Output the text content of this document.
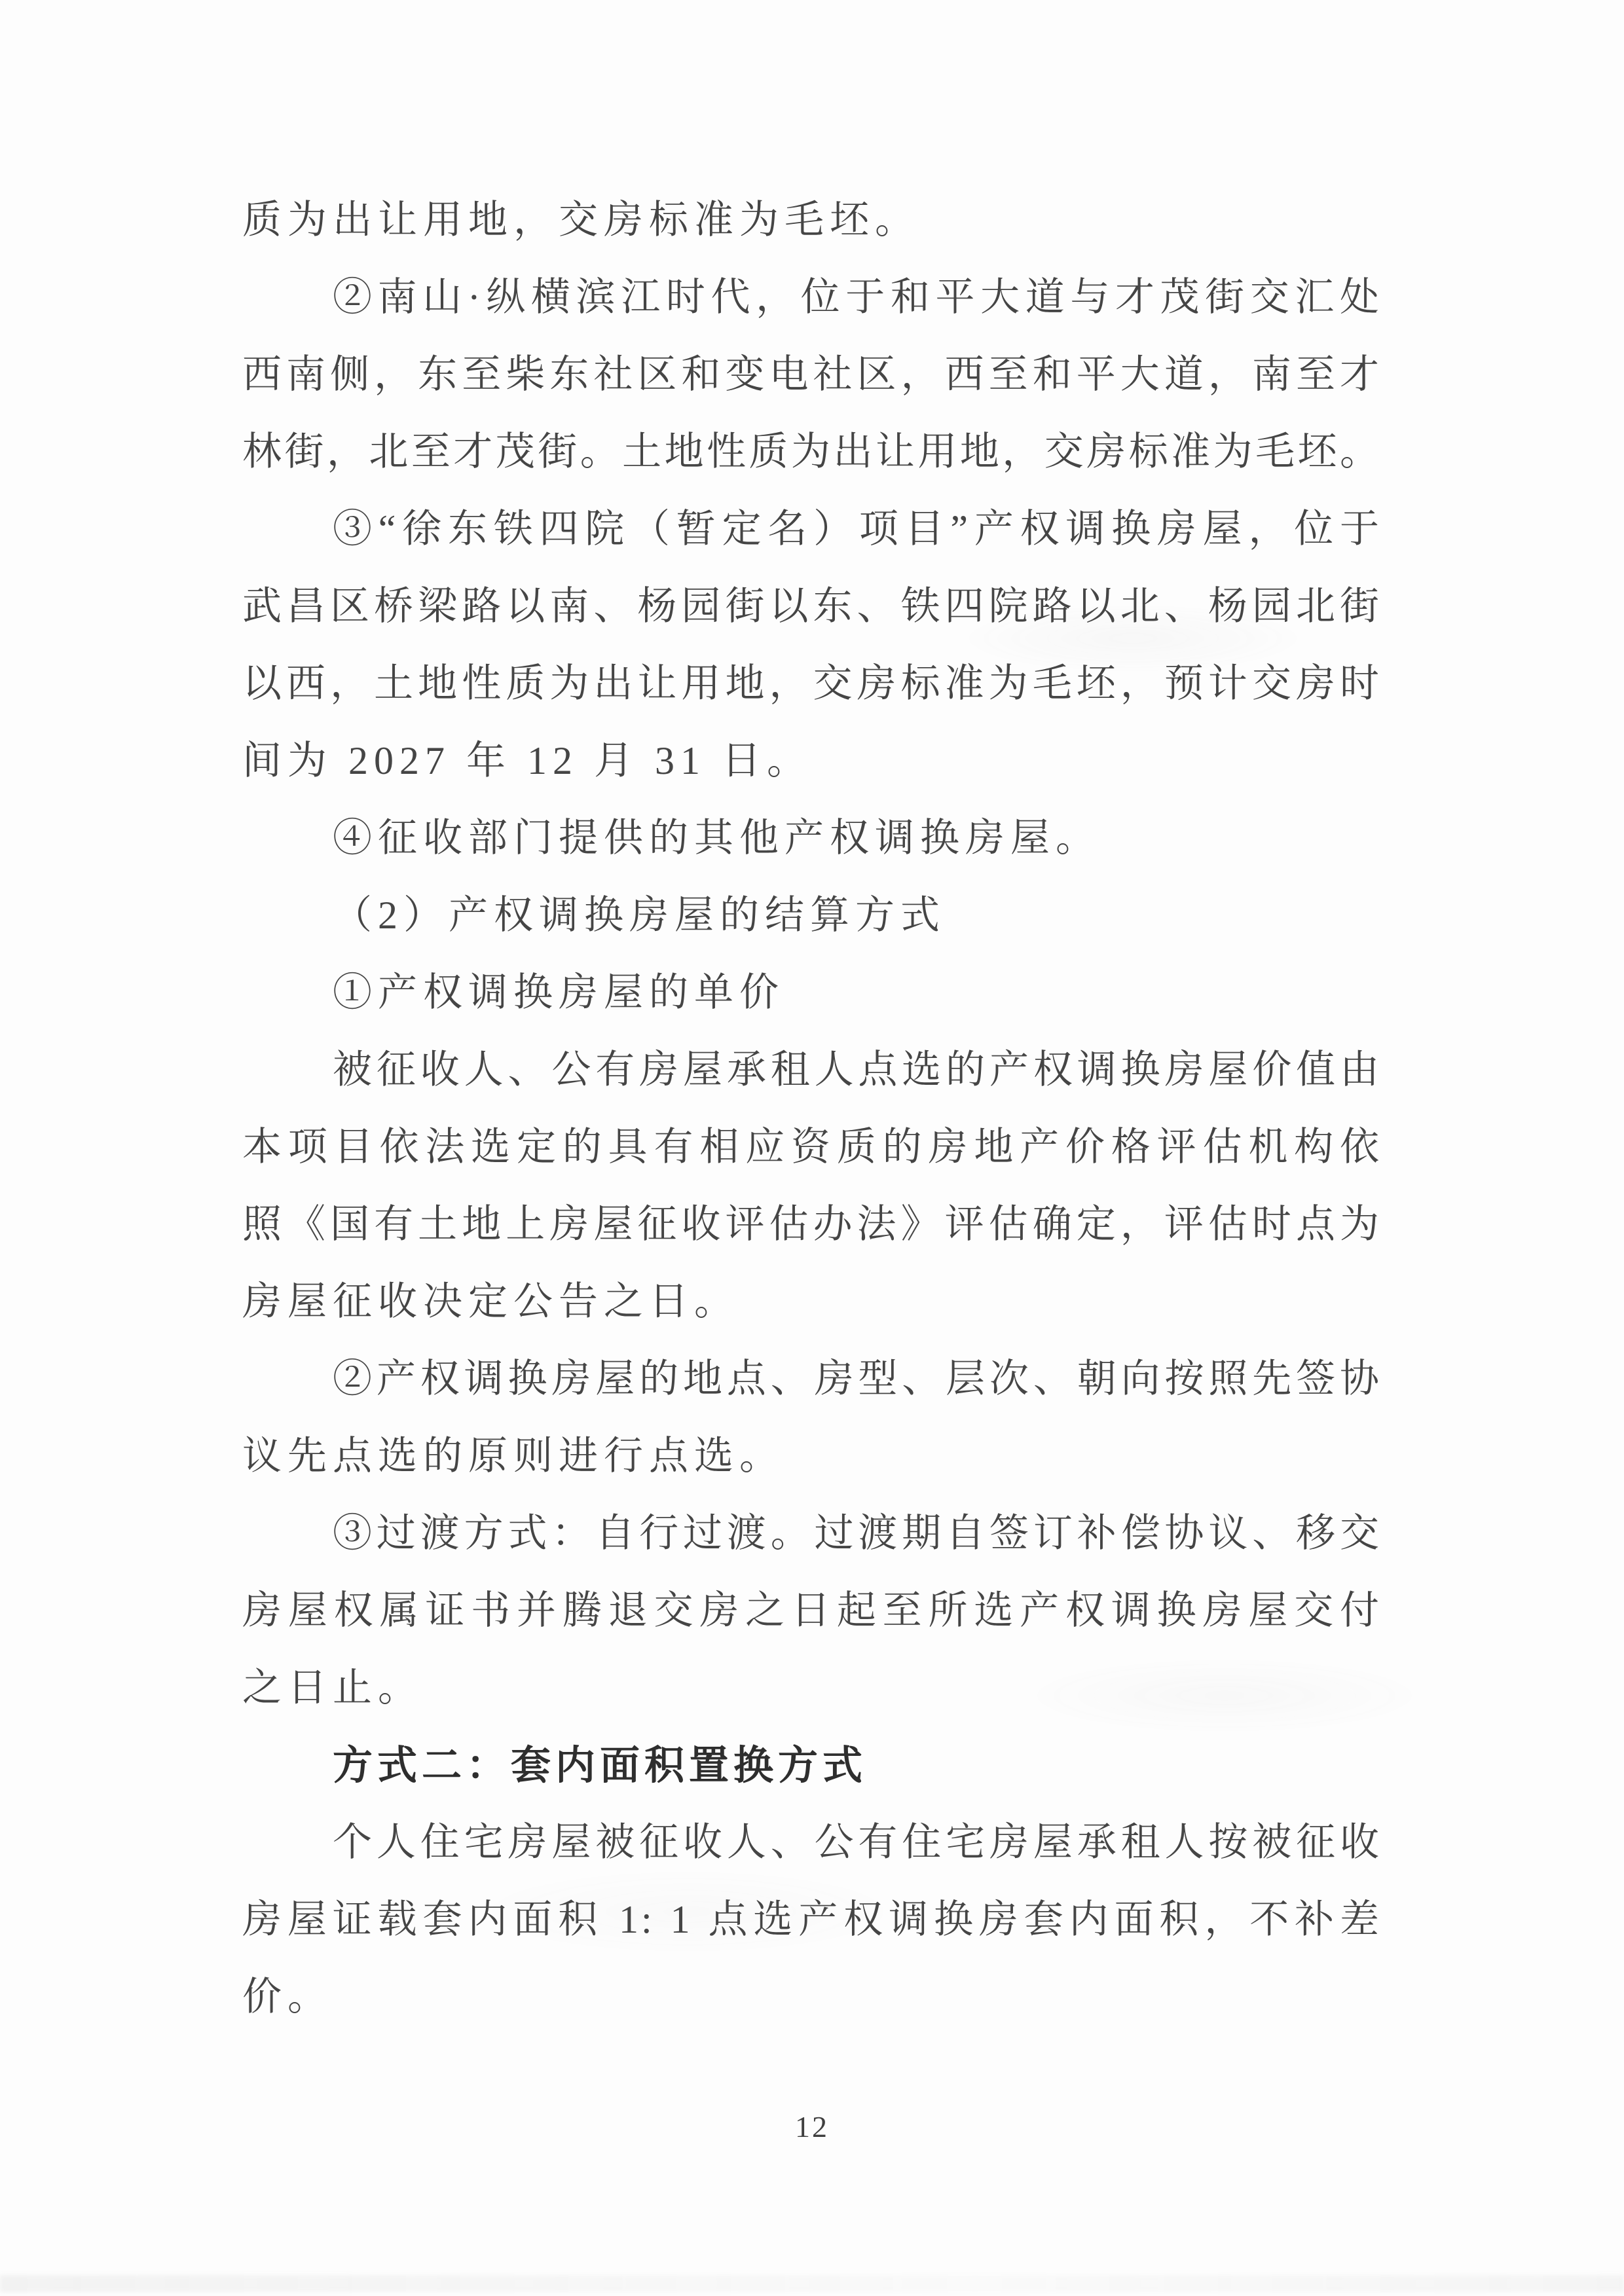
质为出让用地，交房标准为毛坯。
②南山·纵横滨江时代，位于和平大道与才茂街交汇处
西南侧，东至柴东社区和变电社区，西至和平大道，南至才
林街，北至才茂街。土地性质为出让用地，交房标准为毛坯。
③“徐东铁四院（暂定名）项目”产权调换房屋，位于
武昌区桥梁路以南、杨园街以东、铁四院路以北、杨园北街
以西，土地性质为出让用地，交房标准为毛坯，预计交房时
间为 2027 年 12 月 31 日。
④征收部门提供的其他产权调换房屋。
（2）产权调换房屋的结算方式
①产权调换房屋的单价
被征收人、公有房屋承租人点选的产权调换房屋价值由
本项目依法选定的具有相应资质的房地产价格评估机构依
照《国有土地上房屋征收评估办法》评估确定，评估时点为
房屋征收决定公告之日。
②产权调换房屋的地点、房型、层次、朝向按照先签协
议先点选的原则进行点选。
③过渡方式：自行过渡。过渡期自签订补偿协议、移交
房屋权属证书并腾退交房之日起至所选产权调换房屋交付
之日止。
方式二：套内面积置换方式
个人住宅房屋被征收人、公有住宅房屋承租人按被征收
房屋证载套内面积 1: 1 点选产权调换房套内面积，不补差
价。
12
